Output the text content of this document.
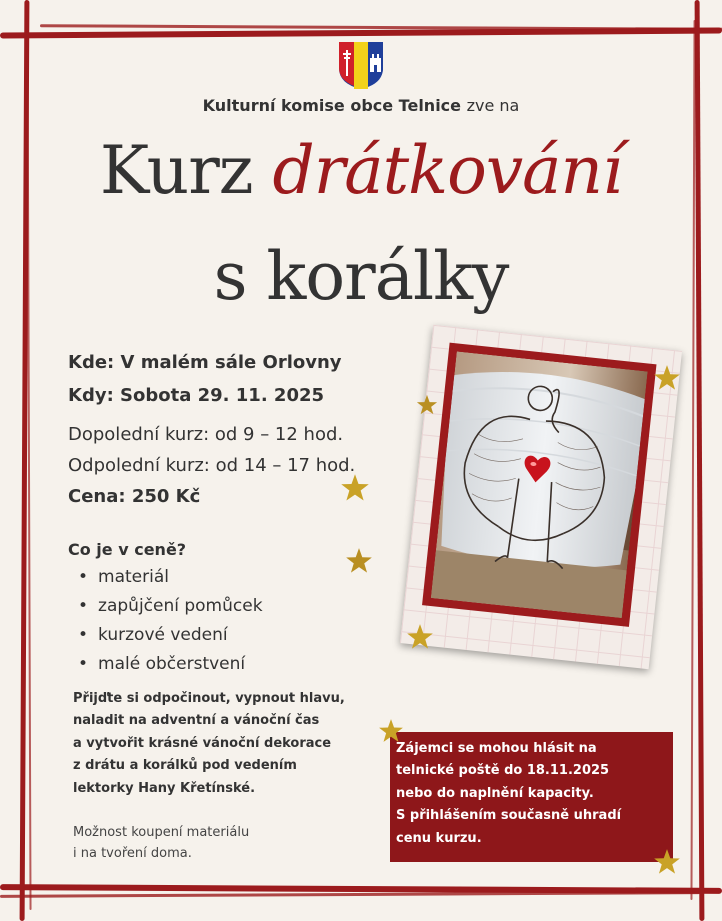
Kulturní komise obce Telnice zve na
Kurz drátkování
s korálky
Kde: V malém sále Orlovny
Kdy: Sobota 29. 11. 2025
Dopolední kurz: od 9 – 12 hod.
Odpolední kurz: od 14 – 17 hod.
Cena: 250 Kč
Co je v ceně?
• materiál
• zapůjčení pomůcek
• kurzové vedení
• malé občerstvení
Přijďte si odpočinout, vypnout hlavu,
naladit na adventní a vánoční čas
a vytvořit krásné vánoční dekorace
z drátu a korálků pod vedením
lektorky Hany Křetínské.
Možnost koupení materiálu
i na tvoření doma.
Zájemci se mohou hlásit na
telnické poště do 18.11.2025
nebo do naplnění kapacity.
S přihlášením současně uhradí
cenu kurzu.
